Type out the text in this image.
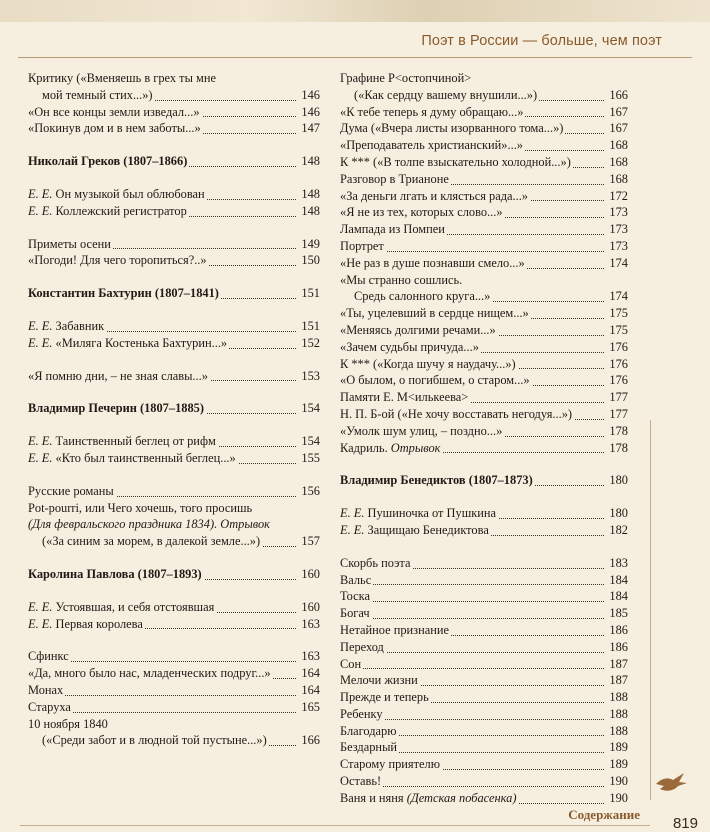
Поэт в России — больше, чем поэт
Критику («Вменяешь в грех ты мне
мой темный стих...»)	146
«Он все концы земли изведал...»	146
«Покинув дом и в нем заботы...»	147
Николай Греков (1807–1866)	148
Е. Е. Он музыкой был облюбован	148
Е. Е. Коллежский регистратор	148
Приметы осени	149
«Погоди! Для чего торопиться?..»	150
Константин Бахтурин (1807–1841)	151
Е. Е. Забавник	151
Е. Е. «Миляга Костенька Бахтурин...»	152
«Я помню дни, – не зная славы...»	153
Владимир Печерин (1807–1885)	154
Е. Е. Таинственный беглец от рифм	154
Е. Е. «Кто был таинственный беглец...»	155
Русские романы	156
Pot-pourri, или Чего хочешь, того просишь
(Для февральского праздника 1834). Отрывок
(«За синим за морем, в далекой земле...»)	157
Каролина Павлова (1807–1893)	160
Е. Е. Устоявшая, и себя отстоявшая	160
Е. Е. Первая королева	163
Сфинкс	163
«Да, много было нас, младенческих подруг...» 164
Монах	164
Старуха	165
10 ноября 1840
(«Среди забот и в людной той пустыне...»)	166
Графине Р<остопчиной>
(«Как сердцу вашему внушили...»)	166
«К тебе теперь я думу обращаю...»	167
Дума («Вчера листы изорванного тома...»)	167
«Преподаватель христианский»...»	168
К *** («В толпе взыскательно холодной...»)	168
Разговор в Трианоне	168
«За деньги лгать и клясться рада...»	172
«Я не из тех, которых слово...»	173
Лампада из Помпеи	173
Портрет	173
«Не раз в душе познавши смело...»	174
«Мы странно сошлись.
Средь салонного круга...»	174
«Ты, уцелевший в сердце нищем...»	175
«Меняясь долгими речами...»	175
«Зачем судьбы причуда...»	176
К *** («Когда шучу я наудачу...»)	176
«О былом, о погибшем, о старом...»	176
Памяти Е. М<илькеева>	177
Н. П. Б-ой («Не хочу восставать негодуя...»)	177
«Умолк шум улиц, – поздно...»	178
Кадриль. Отрывок	178
Владимир Бенедиктов (1807–1873)	180
Е. Е. Пушиночка от Пушкина	180
Е. Е. Защищаю Бенедиктова	182
Скорбь поэта	183
Вальс	184
Тоска	184
Богач	185
Нетайное признание	186
Переход	186
Сон	187
Мелочи жизни	187
Прежде и теперь	188
Ребенку	188
Благодарю	188
Бездарный	189
Старому приятелю	189
Оставь!	190
Ваня и няня (Детская побасенка)	190
Содержание
819
